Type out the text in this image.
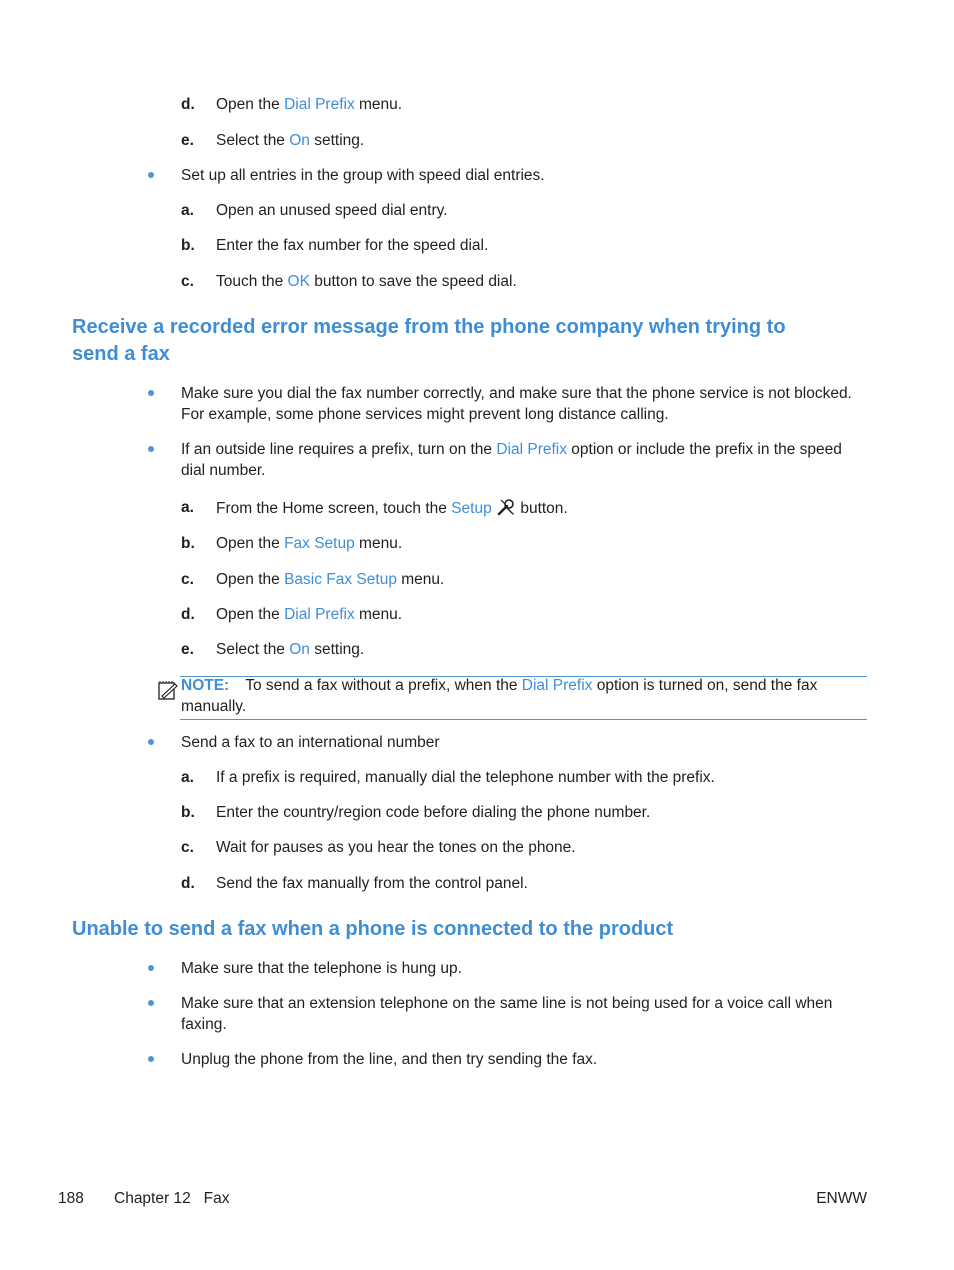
d. Open the Dial Prefix menu.
e. Select the On setting.
Set up all entries in the group with speed dial entries.
a. Open an unused speed dial entry.
b. Enter the fax number for the speed dial.
c. Touch the OK button to save the speed dial.
Receive a recorded error message from the phone company when trying to
send a fax
Make sure you dial the fax number correctly, and make sure that the phone service is not blocked.
For example, some phone services might prevent long distance calling.
If an outside line requires a prefix, turn on the Dial Prefix option or include the prefix in the speed
dial number.
a. From the Home screen, touch the Setup  button.
b. Open the Fax Setup menu.
c. Open the Basic Fax Setup menu.
d. Open the Dial Prefix menu.
e. Select the On setting.
NOTE: To send a fax without a prefix, when the Dial Prefix option is turned on, send the fax
manually.
Send a fax to an international number
a. If a prefix is required, manually dial the telephone number with the prefix.
b. Enter the country/region code before dialing the phone number.
c. Wait for pauses as you hear the tones on the phone.
d. Send the fax manually from the control panel.
Unable to send a fax when a phone is connected to the product
Make sure that the telephone is hung up.
Make sure that an extension telephone on the same line is not being used for a voice call when
faxing.
Unplug the phone from the line, and then try sending the fax.
188 Chapter 12   Fax	ENWW
